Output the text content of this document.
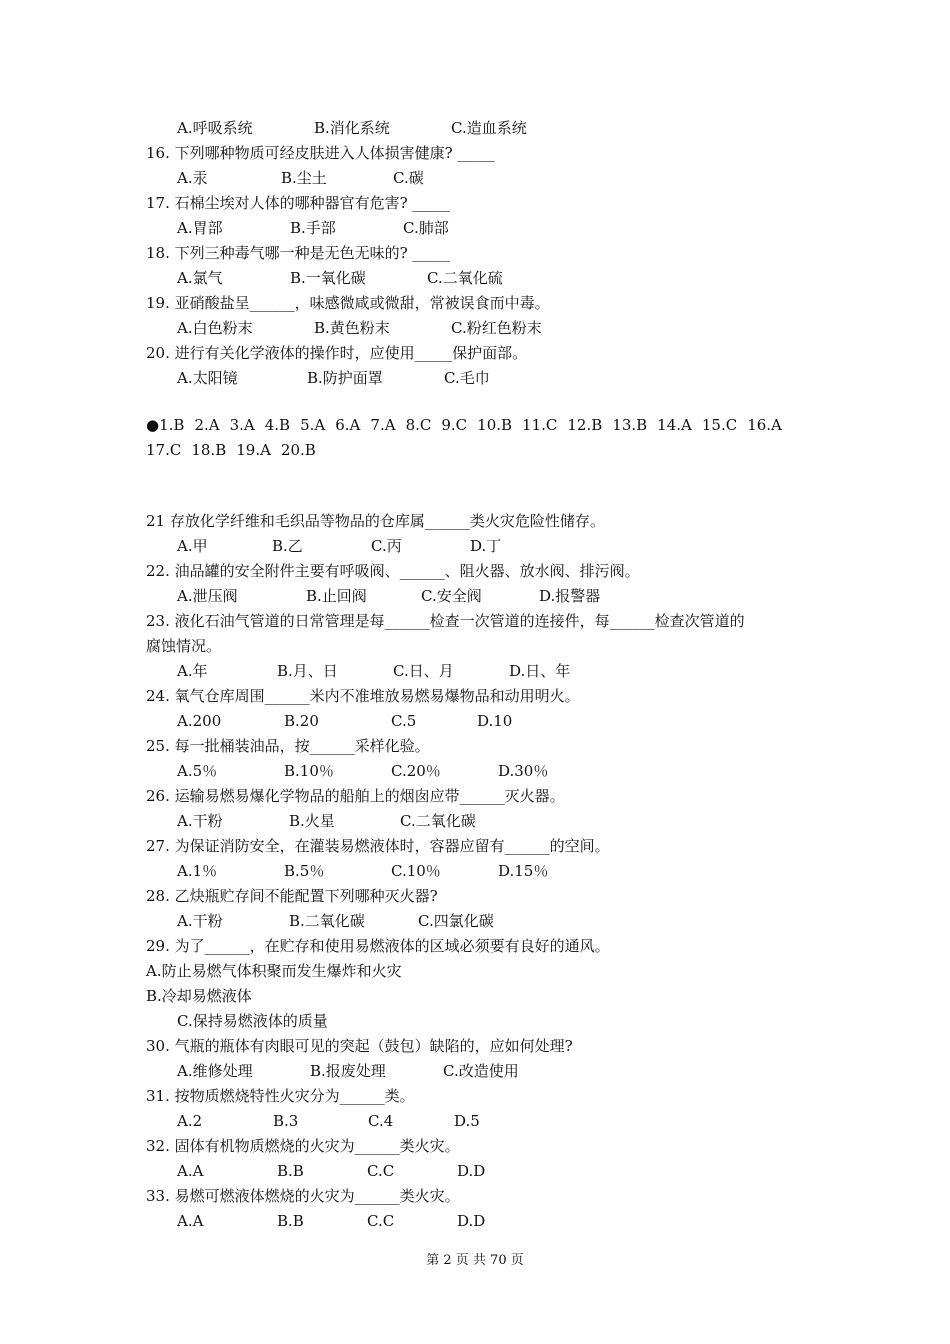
A.呼吸系统	B.消化系统	C.造血系统
16. 下列哪种物质可经皮肤进入人体损害健康? _____
A.汞	B.尘土	C.碳
17. 石棉尘埃对人体的哪种器官有危害? _____
A.胃部	B.手部	C.肺部
18. 下列三种毒气哪一种是无色无味的? _____
A.氯气	B.一氧化碳	C.二氧化硫
19. 亚硝酸盐呈______，味感微咸或微甜，常被误食而中毒。
A.白色粉末	B.黄色粉末	C.粉红色粉末
20. 进行有关化学液体的操作时，应使用_____保护面部。
A.太阳镜	B.防护面罩	C.毛巾
21 存放化学纤维和毛织品等物品的仓库属______类火灾危险性储存。
A.甲	B.乙	C.丙	D.丁
22. 油品罐的安全附件主要有呼吸阀、______、阻火器、放水阀、排污阀。
A.泄压阀	B.止回阀	C.安全阀	D.报警器
23. 液化石油气管道的日常管理是每______检查一次管道的连接件，每______检查次管道的
腐蚀情况。
A.年	B.月、日	C.日、月	D.日、年
24. 氧气仓库周围______米内不准堆放易燃易爆物品和动用明火。
A.200	B.20	C.5	D.10
25. 每一批桶装油品，按______采样化验。
A.5％	B.10％	C.20％	D.30％
26. 运输易燃易爆化学物品的船舶上的烟囱应带______灭火器。
A.干粉	B.火星	C.二氧化碳
27. 为保证消防安全，在灌装易燃液体时，容器应留有______的空间。
A.1％	B.5％	C.10％	D.15％
28. 乙炔瓶贮存间不能配置下列哪种灭火器?
A.干粉	B.二氧化碳	C.四氯化碳
29. 为了______，在贮存和使用易燃液体的区域必须要有良好的通风。
A.防止易燃气体积聚而发生爆炸和火灾
B.冷却易燃液体
C.保持易燃液体的质量
30. 气瓶的瓶体有肉眼可见的突起（鼓包）缺陷的，应如何处理?
A.维修处理	B.报废处理	C.改造使用
31. 按物质燃烧特性火灾分为______类。
A.2	B.3	C.4	D.5
32. 固体有机物质燃烧的火灾为______类火灾。
A.A	B.B	C.C	D.D
33. 易燃可燃液体燃烧的火灾为______类火灾。
A.A	B.B	C.C	D.D
●1.B 2.A 3.A 4.B 5.A 6.A 7.A 8.C 9.C 10.B 11.C 12.B 13.B 14.A 15.C 16.A
17.C 18.B 19.A 20.B
第 2 页 共 70 页
